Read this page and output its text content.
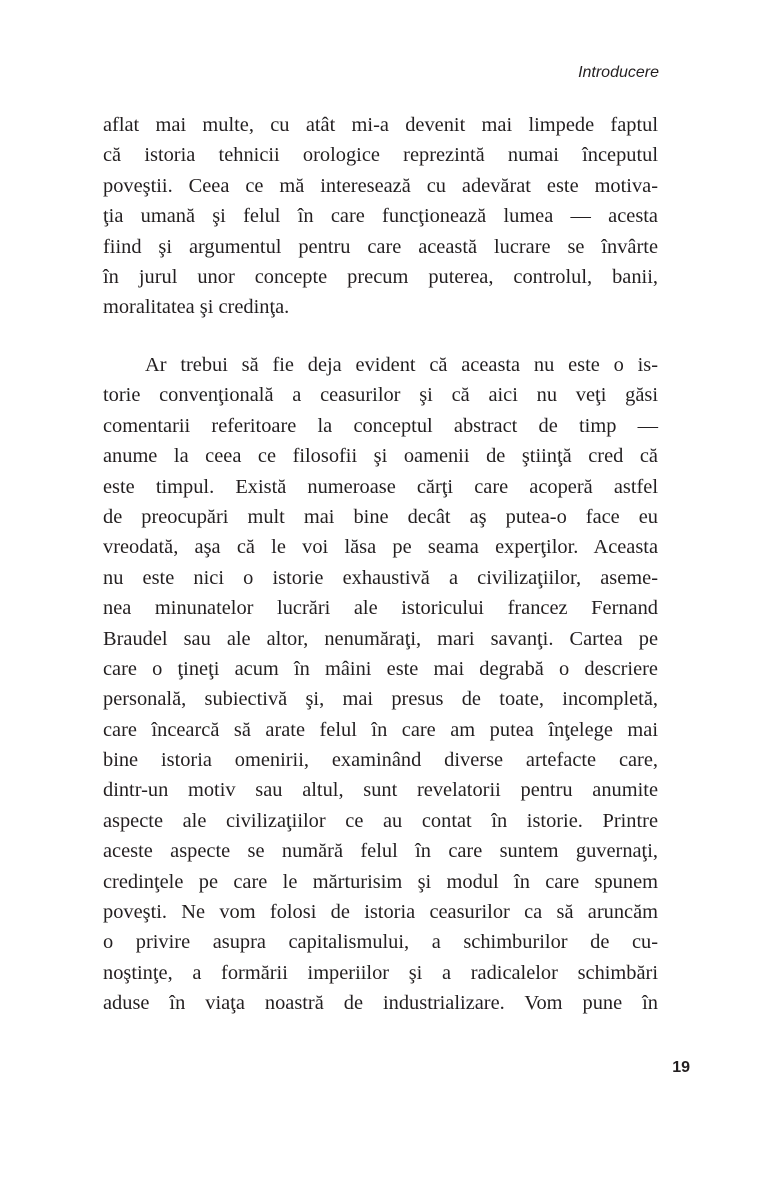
Introducere
aflat mai multe, cu atât mi-a devenit mai limpede faptul
că istoria tehnicii orologice reprezintă numai începutul
poveştii. Ceea ce mă interesează cu adevărat este motiva-
ţia umană şi felul în care funcţionează lumea — acesta
fiind şi argumentul pentru care această lucrare se învârte
în jurul unor concepte precum puterea, controlul, banii,
moralitatea şi credinţa.
Ar trebui să fie deja evident că aceasta nu este o is-
torie convenţională a ceasurilor şi că aici nu veţi găsi
comentarii referitoare la conceptul abstract de timp —
anume la ceea ce filosofii şi oamenii de ştiinţă cred că
este timpul. Există numeroase cărţi care acoperă astfel
de preocupări mult mai bine decât aş putea-o face eu
vreodată, aşa că le voi lăsa pe seama experţilor. Aceasta
nu este nici o istorie exhaustivă a civilizaţiilor, aseme-
nea minunatelor lucrări ale istoricului francez Fernand
Braudel sau ale altor, nenumăraţi, mari savanţi. Cartea pe
care o ţineţi acum în mâini este mai degrabă o descriere
personală, subiectivă şi, mai presus de toate, incompletă,
care încearcă să arate felul în care am putea înţelege mai
bine istoria omenirii, examinând diverse artefacte care,
dintr-un motiv sau altul, sunt revelatorii pentru anumite
aspecte ale civilizaţiilor ce au contat în istorie. Printre
aceste aspecte se numără felul în care suntem guvernaţi,
credinţele pe care le mărturisim şi modul în care spunem
poveşti. Ne vom folosi de istoria ceasurilor ca să aruncăm
o privire asupra capitalismului, a schimburilor de cu-
noştinţe, a formării imperiilor şi a radicalelor schimbări
aduse în viaţa noastră de industrializare. Vom pune în
19
